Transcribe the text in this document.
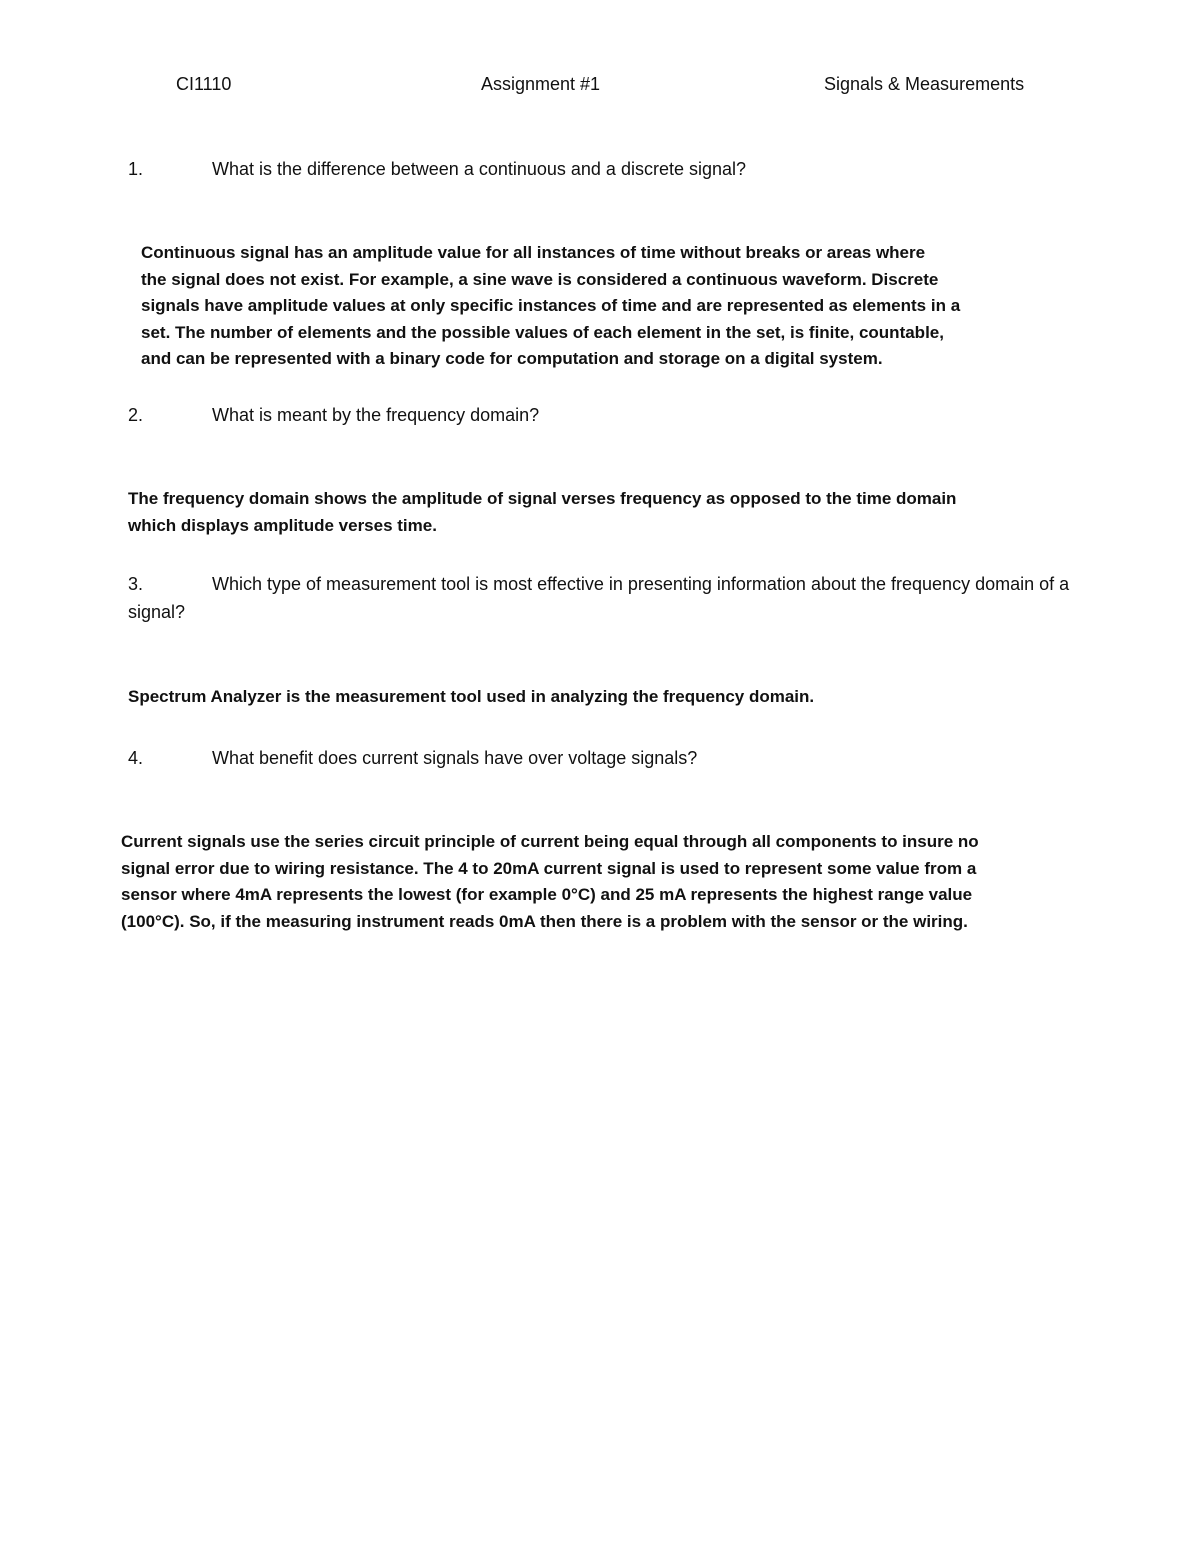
CI1110	Assignment #1	Signals & Measurements
1.	What is the difference between a continuous and a discrete signal?
Continuous signal has an amplitude value for all instances of time without breaks or areas where
the signal does not exist. For example, a sine wave is considered a continuous waveform. Discrete
signals have amplitude values at only specific instances of time and are represented as elements in a
set. The number of elements and the possible values of each element in the set, is finite, countable,
and can be represented with a binary code for computation and storage on a digital system.
2.	What is meant by the frequency domain?
The frequency domain shows the amplitude of signal verses frequency as opposed to the time domain
which displays amplitude verses time.
3.	Which type of measurement tool is most effective in presenting information about the frequency domain of a signal?
Spectrum Analyzer is the measurement tool used in analyzing the frequency domain.
4.	What benefit does current signals have over voltage signals?
Current signals use the series circuit principle of current being equal through all components to insure no
signal error due to wiring resistance. The 4 to 20mA current signal is used to represent some value from a
sensor where 4mA represents the lowest (for example 0°C) and 25 mA represents the highest range value
(100°C). So, if the measuring instrument reads 0mA then there is a problem with the sensor or the wiring.
